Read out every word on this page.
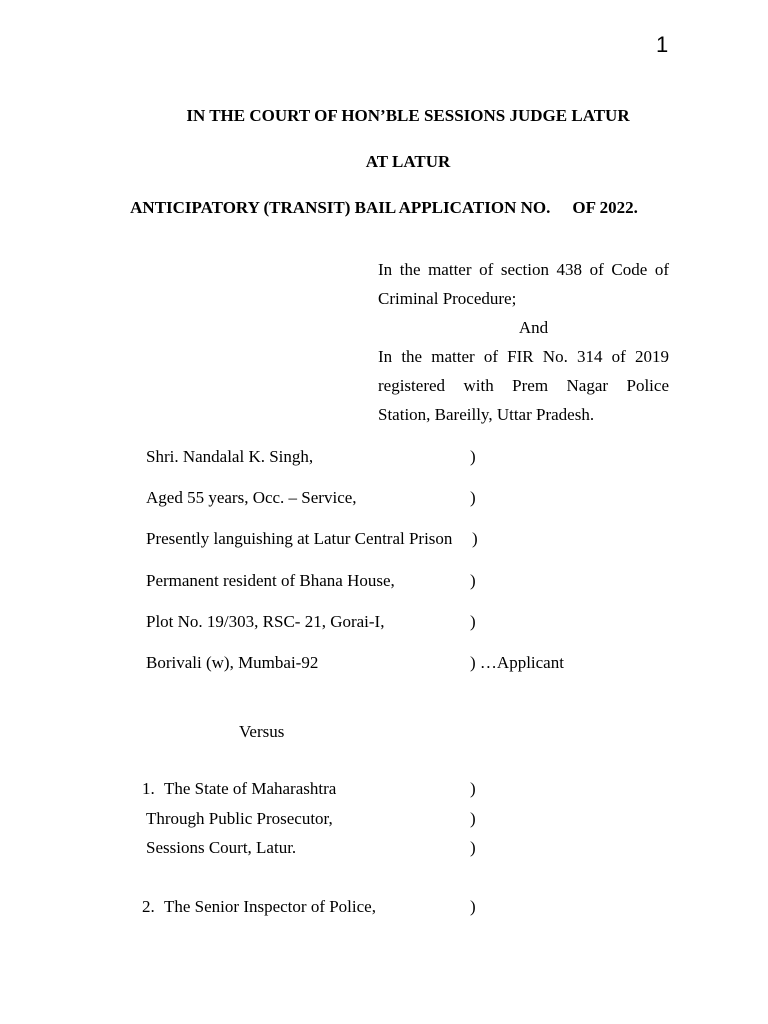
1
IN THE COURT OF HON’BLE SESSIONS JUDGE LATUR
AT LATUR
ANTICIPATORY (TRANSIT) BAIL APPLICATION NO. OF 2022.
In the matter of section 438 of Code of
Criminal Procedure;
And
In the matter of FIR No. 314 of 2019
registered with Prem Nagar Police
Station, Bareilly, Uttar Pradesh.
Shri. Nandalal K. Singh,	)
Aged 55 years, Occ. – Service,	)
Presently languishing at Latur Central Prison )
Permanent resident of Bhana House,	)
Plot No. 19/303, RSC- 21, Gorai-I,	)
Borivali (w), Mumbai-92	) …Applicant
Versus
1. The State of Maharashtra	)
Through Public Prosecutor,	)
Sessions Court, Latur.	)
2. The Senior Inspector of Police,	)
